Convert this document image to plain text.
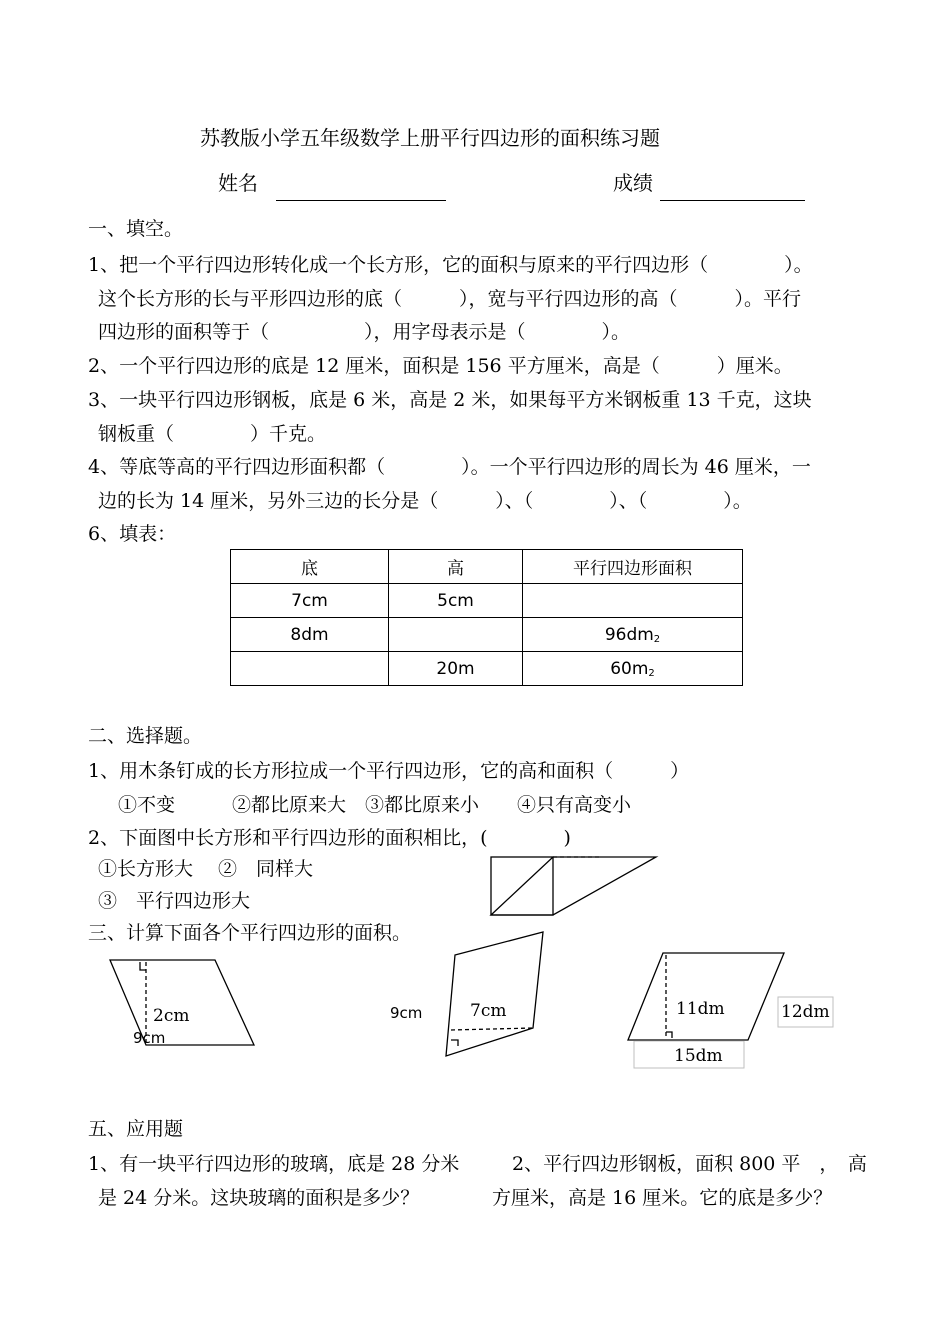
苏教版小学五年级数学上册平行四边形的面积练习题
姓名	成绩
一、填空。
1、把一个平行四边形转化成一个长方形，它的面积与原来的平行四边形（　　　　）。
这个长方形的长与平形四边形的底（　　　），宽与平行四边形的高（　　　）。平行
四边形的面积等于（　　　　　），用字母表示是（　　　　）。
2、一个平行四边形的底是 12 厘米，面积是 156 平方厘米，高是（　　　）厘米。
3、一块平行四边形钢板，底是 6 米，高是 2 米，如果每平方米钢板重 13 千克，这块
钢板重（　　　　）千克。
4、等底等高的平行四边形面积都（　　　　）。一个平行四边形的周长为 46 厘米，一
边的长为 14 厘米，另外三边的长分是（　　　）、（　　　　）、（　　　　）。
6、填表：
底	高	平行四边形面积
7cm	5cm	
8dm		$96dm^2$
	20m	$60m^2$
二、选择题。
1、用木条钉成的长方形拉成一个平行四边形，它的高和面积（　　　）
①不变　　　②都比原来大　③都比原来小　　④只有高变小
2、下面图中长方形和平行四边形的面积相比，(　　　　)
①长方形大　 ②　同样大
③　平行四边形大
三、计算下面各个平行四边形的面积。
2cm
9cm
9cm	7cm	11dm	12dm
15dm
五、应用题
1、有一块平行四边形的玻璃，底是 28 分米
是 24 分米。这块玻璃的面积是多少？
2、平行四边形钢板，面积 800 平　，　高
方厘米，高是 16 厘米。它的底是多少？
